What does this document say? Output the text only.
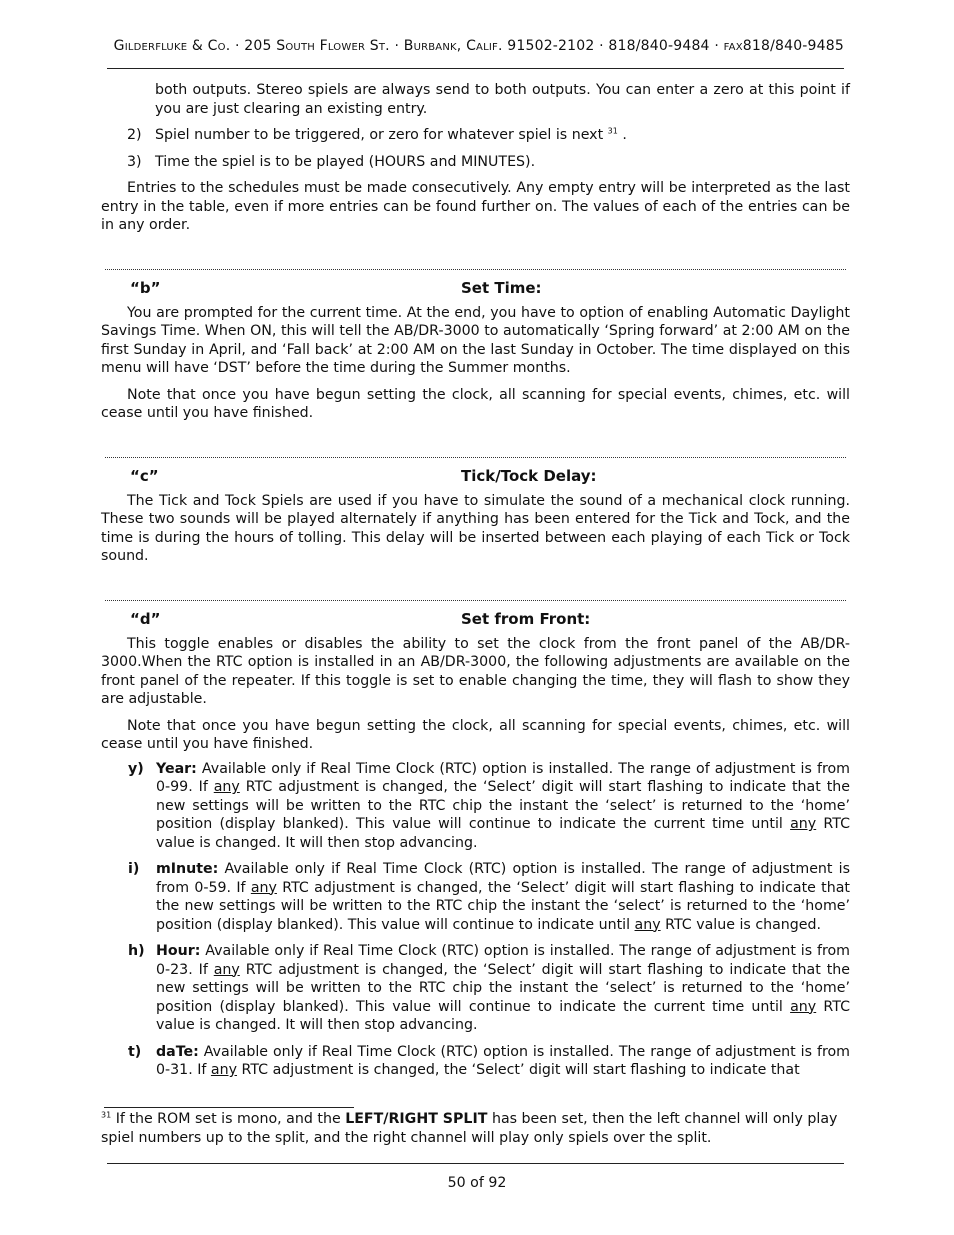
Gilderfluke & Co. · 205 South Flower St. · Burbank, Calif. 91502-2102 · 818/840-9484 · fax818/840-9485

both outputs. Stereo spiels are always send to both outputs. You can enter a zero at this point if you are just clearing an existing entry.

2) Spiel number to be triggered, or zero for whatever spiel is next $^{31}$ .
3) Time the spiel is to be played (HOURS and MINUTES).

Entries to the schedules must be made consecutively. Any empty entry will be interpreted as the last entry in the table, even if more entries can be found further on. The values of each of the entries can be in any order.

“b”	Set Time:

You are prompted for the current time. At the end, you have to option of enabling Automatic Daylight Savings Time. When ON, this will tell the AB/DR-3000 to automatically ‘Spring forward’ at 2:00 AM on the first Sunday in April, and ‘Fall back’ at 2:00 AM on the last Sunday in October. The time displayed on this menu will have ‘DST’ before the time during the Summer months.

Note that once you have begun setting the clock, all scanning for special events, chimes, etc. will cease until you have finished.

“c”	Tick/Tock Delay:

The Tick and Tock Spiels are used if you have to simulate the sound of a mechanical clock running. These two sounds will be played alternately if anything has been entered for the Tick and Tock, and the time is during the hours of tolling. This delay will be inserted between each playing of each Tick or Tock sound.

“d”	Set from Front:

This toggle enables or disables the ability to set the clock from the front panel of the AB/DR-3000.When the RTC option is installed in an AB/DR-3000, the following adjustments are available on the front panel of the repeater. If this toggle is set to enable changing the time, they will flash to show they are adjustable.

Note that once you have begun setting the clock, all scanning for special events, chimes, etc. will cease until you have finished.

y) Year: Available only if Real Time Clock (RTC) option is installed. The range of adjustment is from 0-99. If any RTC adjustment is changed, the ‘Select’ digit will start flashing to indicate that the new settings will be written to the RTC chip the instant the ‘select’ is returned to the ‘home’ position (display blanked). This value will continue to indicate the current time until any RTC value is changed. It will then stop advancing.
i)	mInute: Available only if Real Time Clock (RTC) option is installed. The range of adjustment is from 0-59. If any RTC adjustment is changed, the ‘Select’ digit will start flashing to indicate that the new settings will be written to the RTC chip the instant the ‘select’ is returned to the ‘home’ position (display blanked). This value will continue to indicate until any RTC value is changed.
h) Hour: Available only if Real Time Clock (RTC) option is installed. The range of adjustment is from 0-23. If any RTC adjustment is changed, the ‘Select’ digit will start flashing to indicate that the new settings will be written to the RTC chip the instant the ‘select’ is returned to the ‘home’ position (display blanked). This value will continue to indicate the current time until any RTC value is changed. It will then stop advancing.
t)	daTe: Available only if Real Time Clock (RTC) option is installed. The range of adjustment is from 0-31. If any RTC adjustment is changed, the ‘Select’ digit will start flashing to indicate that
$^{31}$ If the ROM set is mono, and the LEFT/RIGHT SPLIT has been set, then the left channel will only play spiel numbers up to the split, and the right channel will play only spiels over the split.
50 of 92
